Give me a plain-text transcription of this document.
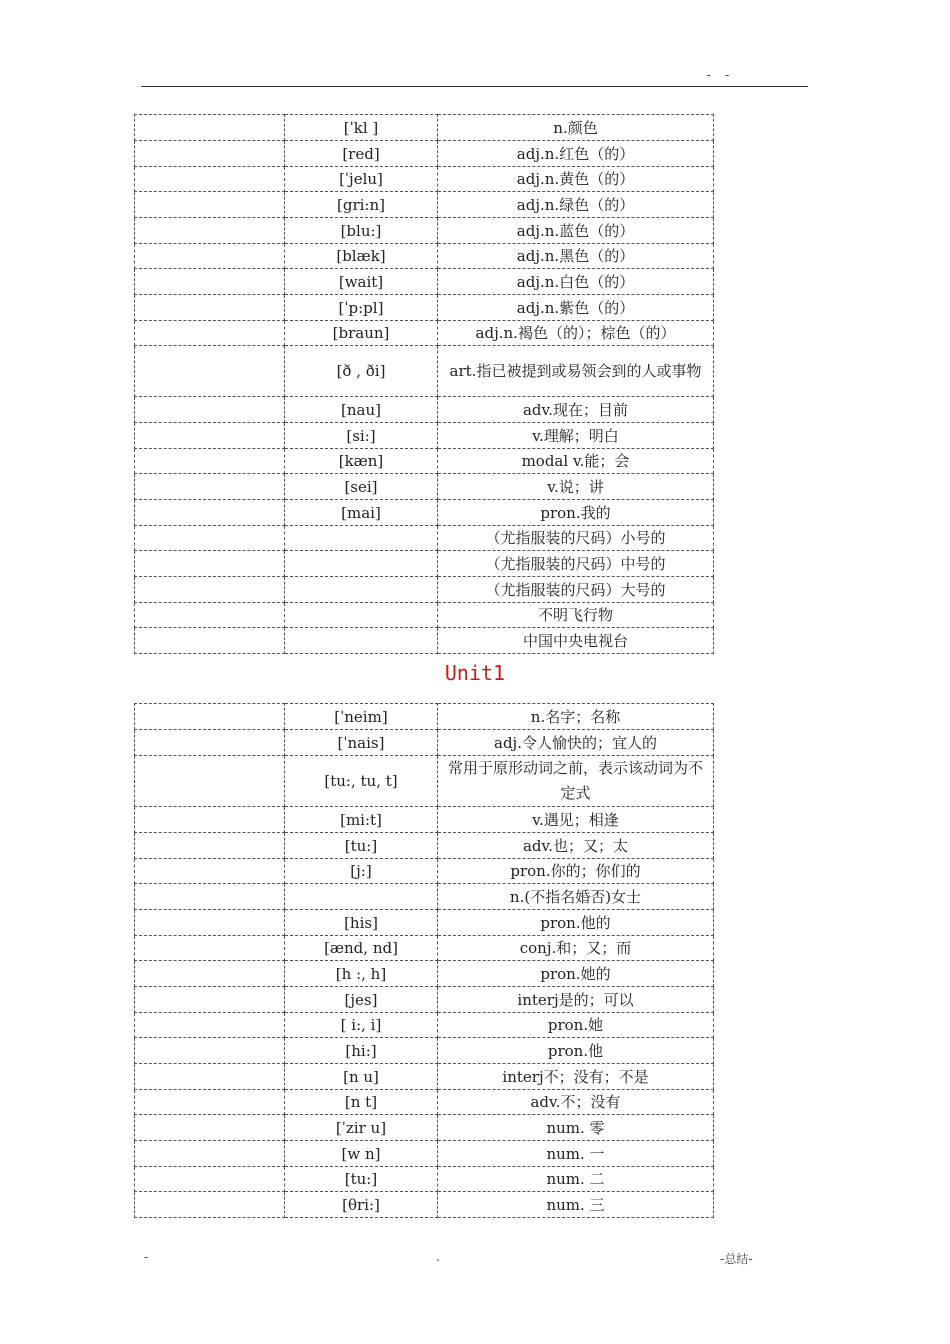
- -
	[ˈkl ]	n.颜色
	[red]	adj.n.红色（的）
	[ˈjelu]	adj.n.黄色（的）
	[gri:n]	adj.n.绿色（的）
	[blu:]	adj.n.蓝色（的）
	[blæk]	adj.n.黑色（的）
	[wait]	adj.n.白色（的）
	[ˈp:pl]	adj.n.紫色（的）
	[braun]	adj.n.褐色（的）；棕色（的）
	[ð , ði]	art.指已被提到或易领会到的人或事物
	[nau]	adv.现在；目前
	[si:]	v.理解；明白
	[kæn]	modal v.能；会
	[sei]	v.说；讲
	[mai]	pron.我的
		（尤指服装的尺码）小号的
		（尤指服装的尺码）中号的
		（尤指服装的尺码）大号的
		不明飞行物
		中国中央电视台
Unit1
	[ˈneim]	n.名字；名称
	[ˈnais]	adj.令人愉快的；宜人的
	[tu:, tu, t]	常用于原形动词之前，表示该动词为不定式
	[mi:t]	v.遇见；相逢
	[tu:]	adv.也；又；太
	[j:]	pron.你的；你们的
		n.(不指名婚否)女士
	[his]	pron.他的
	[ænd, nd]	conj.和；又；而
	[h :, h]	pron.她的
	[jes]	interj是的；可以
	[ i:, i]	pron.她
	[hi:]	pron.他
	[n u]	interj不；没有；不是
	[n t]	adv.不；没有
	[ˈzir u]	num. 零
	[w n]	num. 一
	[tu:]	num. 二
	[θri:]	num. 三
-	.	-总结-
